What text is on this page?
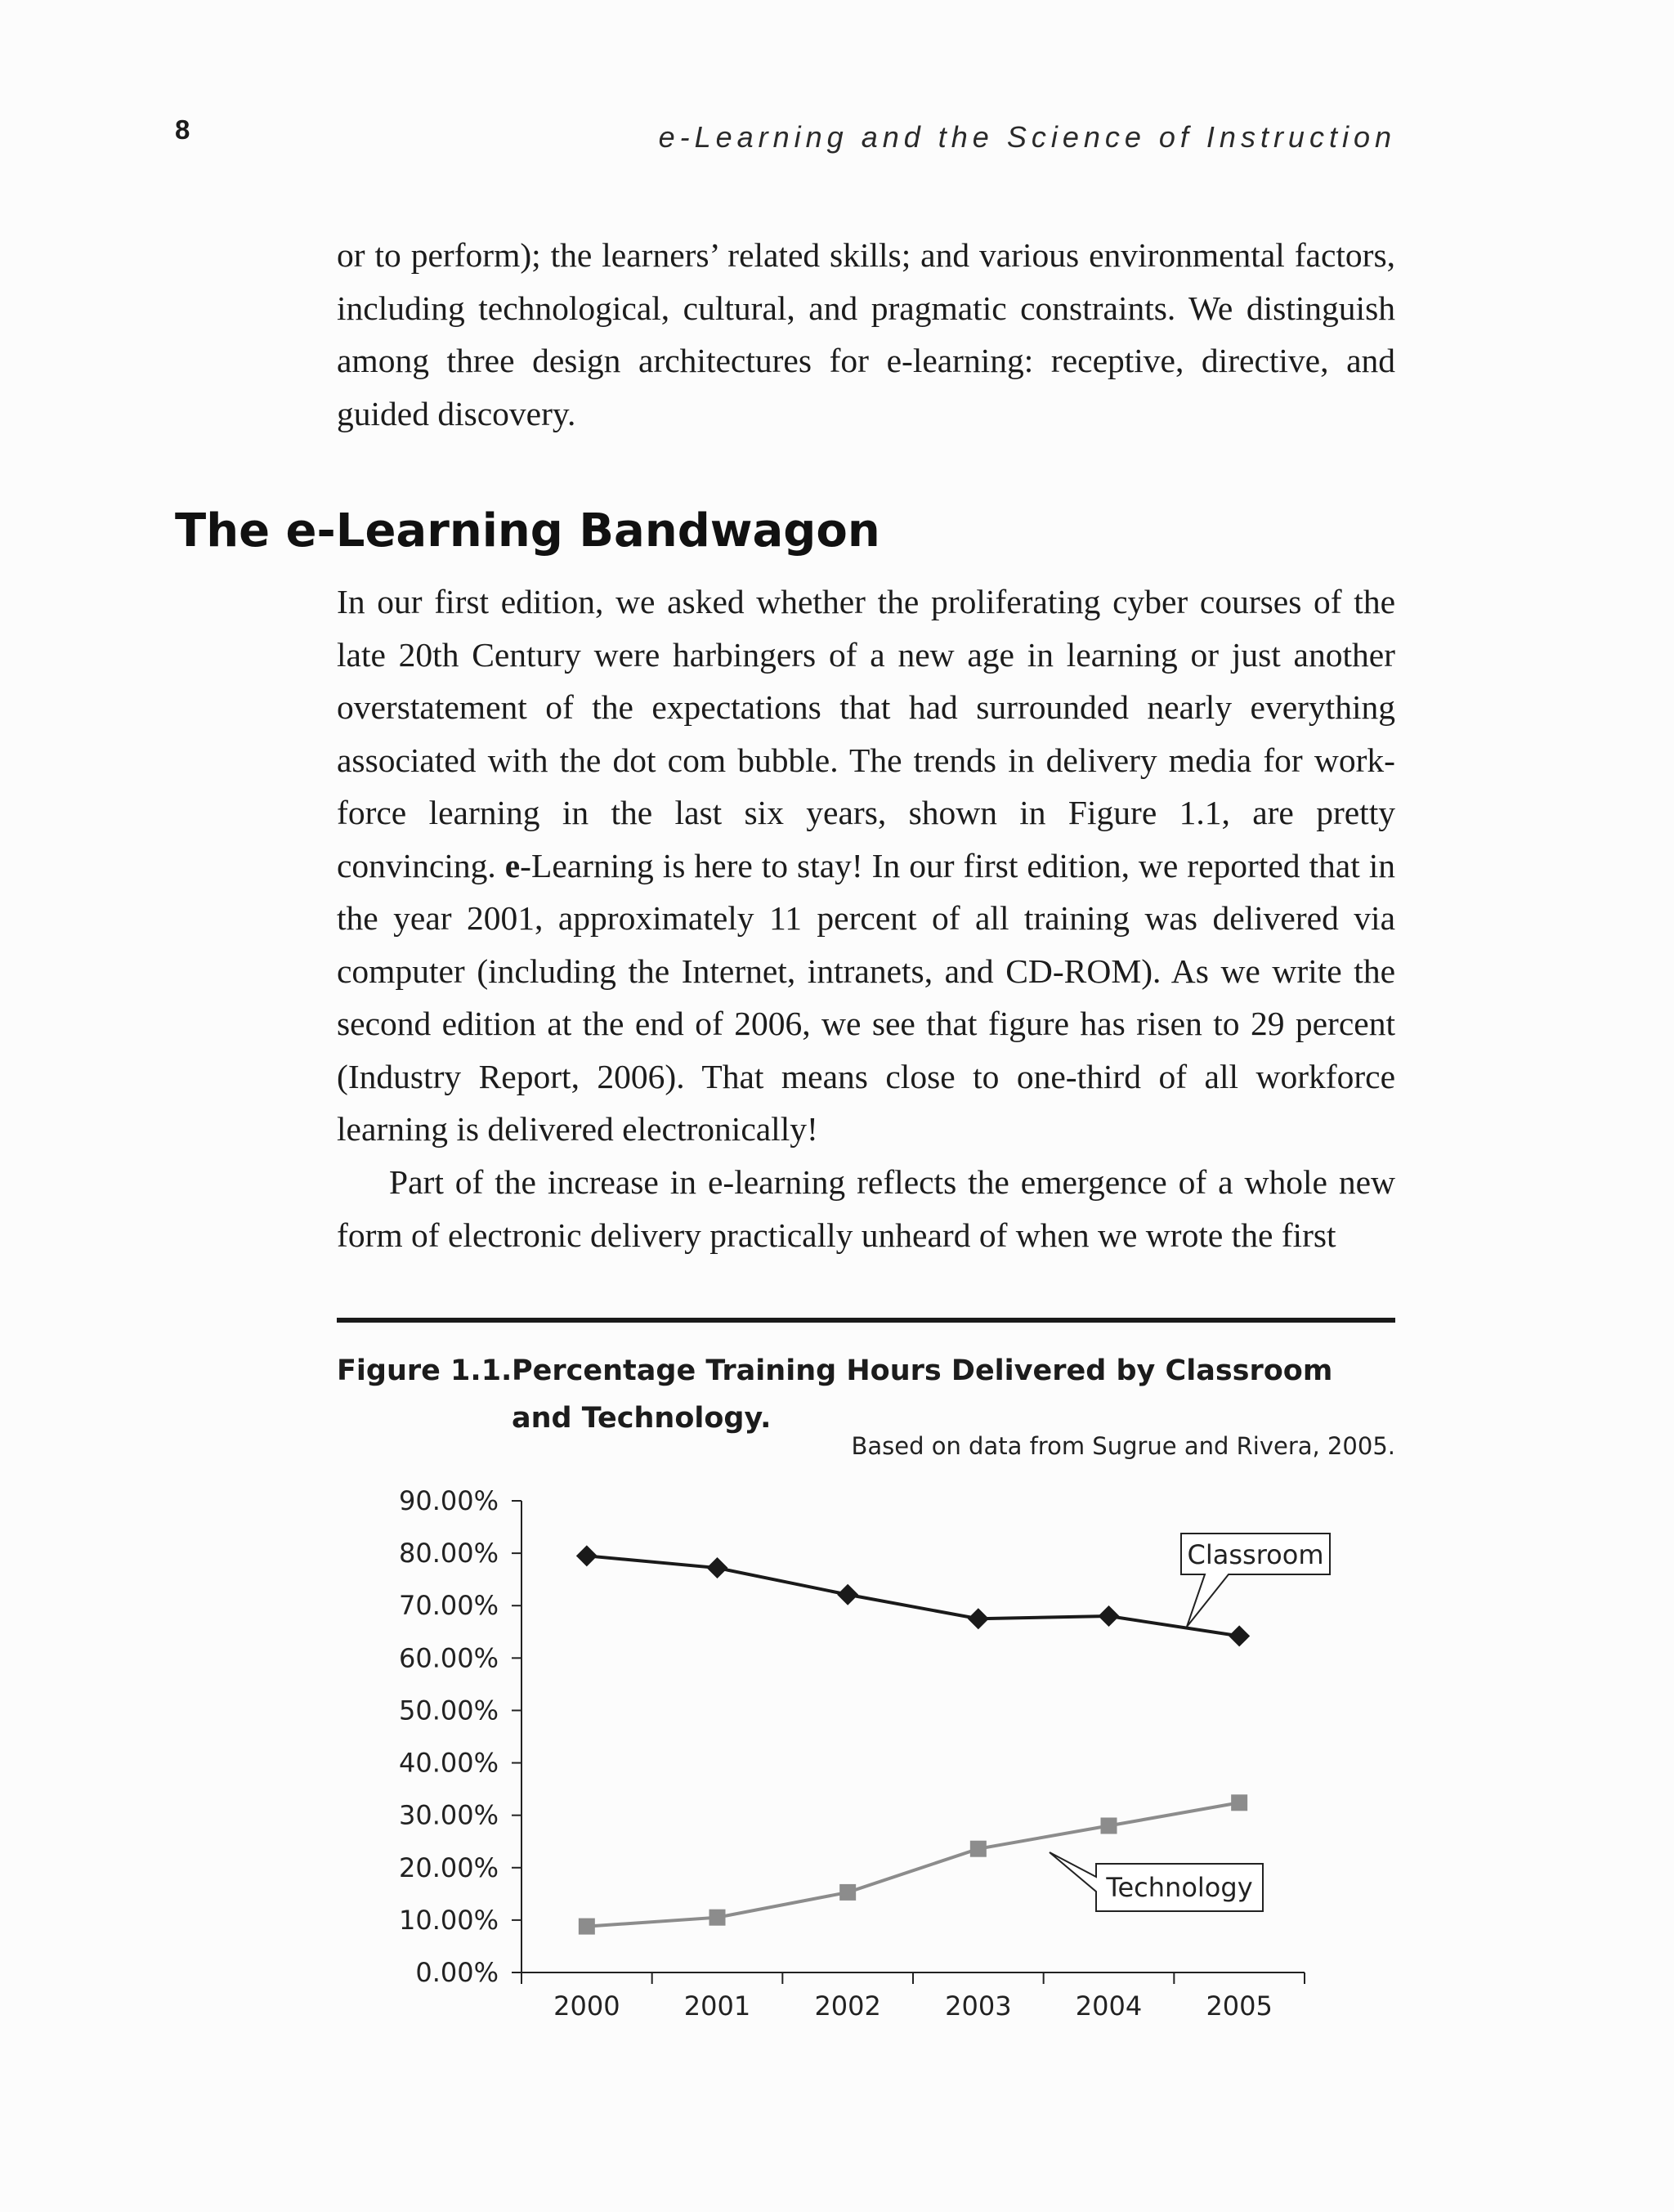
8	e-Learning and the Science of Instruction

or to perform); the learners’ related skills; and various environmental factors, including technological, cultural, and pragmatic constraints. We distinguish among three design architectures for e-learning: receptive, directive, and guided discovery.

The e-Learning Bandwagon

In our first edition, we asked whether the proliferating cyber courses of the late 20th Century were harbingers of a new age in learning or just another overstatement of the expectations that had surrounded nearly everything associated with the dot com bubble. The trends in delivery media for workforce learning in the last six years, shown in Figure 1.1, are pretty convincing. e-Learning is here to stay! In our first edition, we reported that in the year 2001, approximately 11 percent of all training was delivered via computer (including the Internet, intranets, and CD-ROM). As we write the second edition at the end of 2006, we see that figure has risen to 29 percent (Industry Report, 2006). That means close to one-third of all workforce learning is delivered electronically!

Part of the increase in e-learning reflects the emergence of a whole new form of electronic delivery practically unheard of when we wrote the first

Figure 1.1. Percentage Training Hours Delivered by Classroom and Technology.
Based on data from Sugrue and Rivera, 2005.
0.00%
10.00%
20.00%
30.00%
40.00%
50.00%
60.00%
70.00%
80.00%
90.00%
2000 2001 2002 2003 2004 2005
Classroom
Technology
